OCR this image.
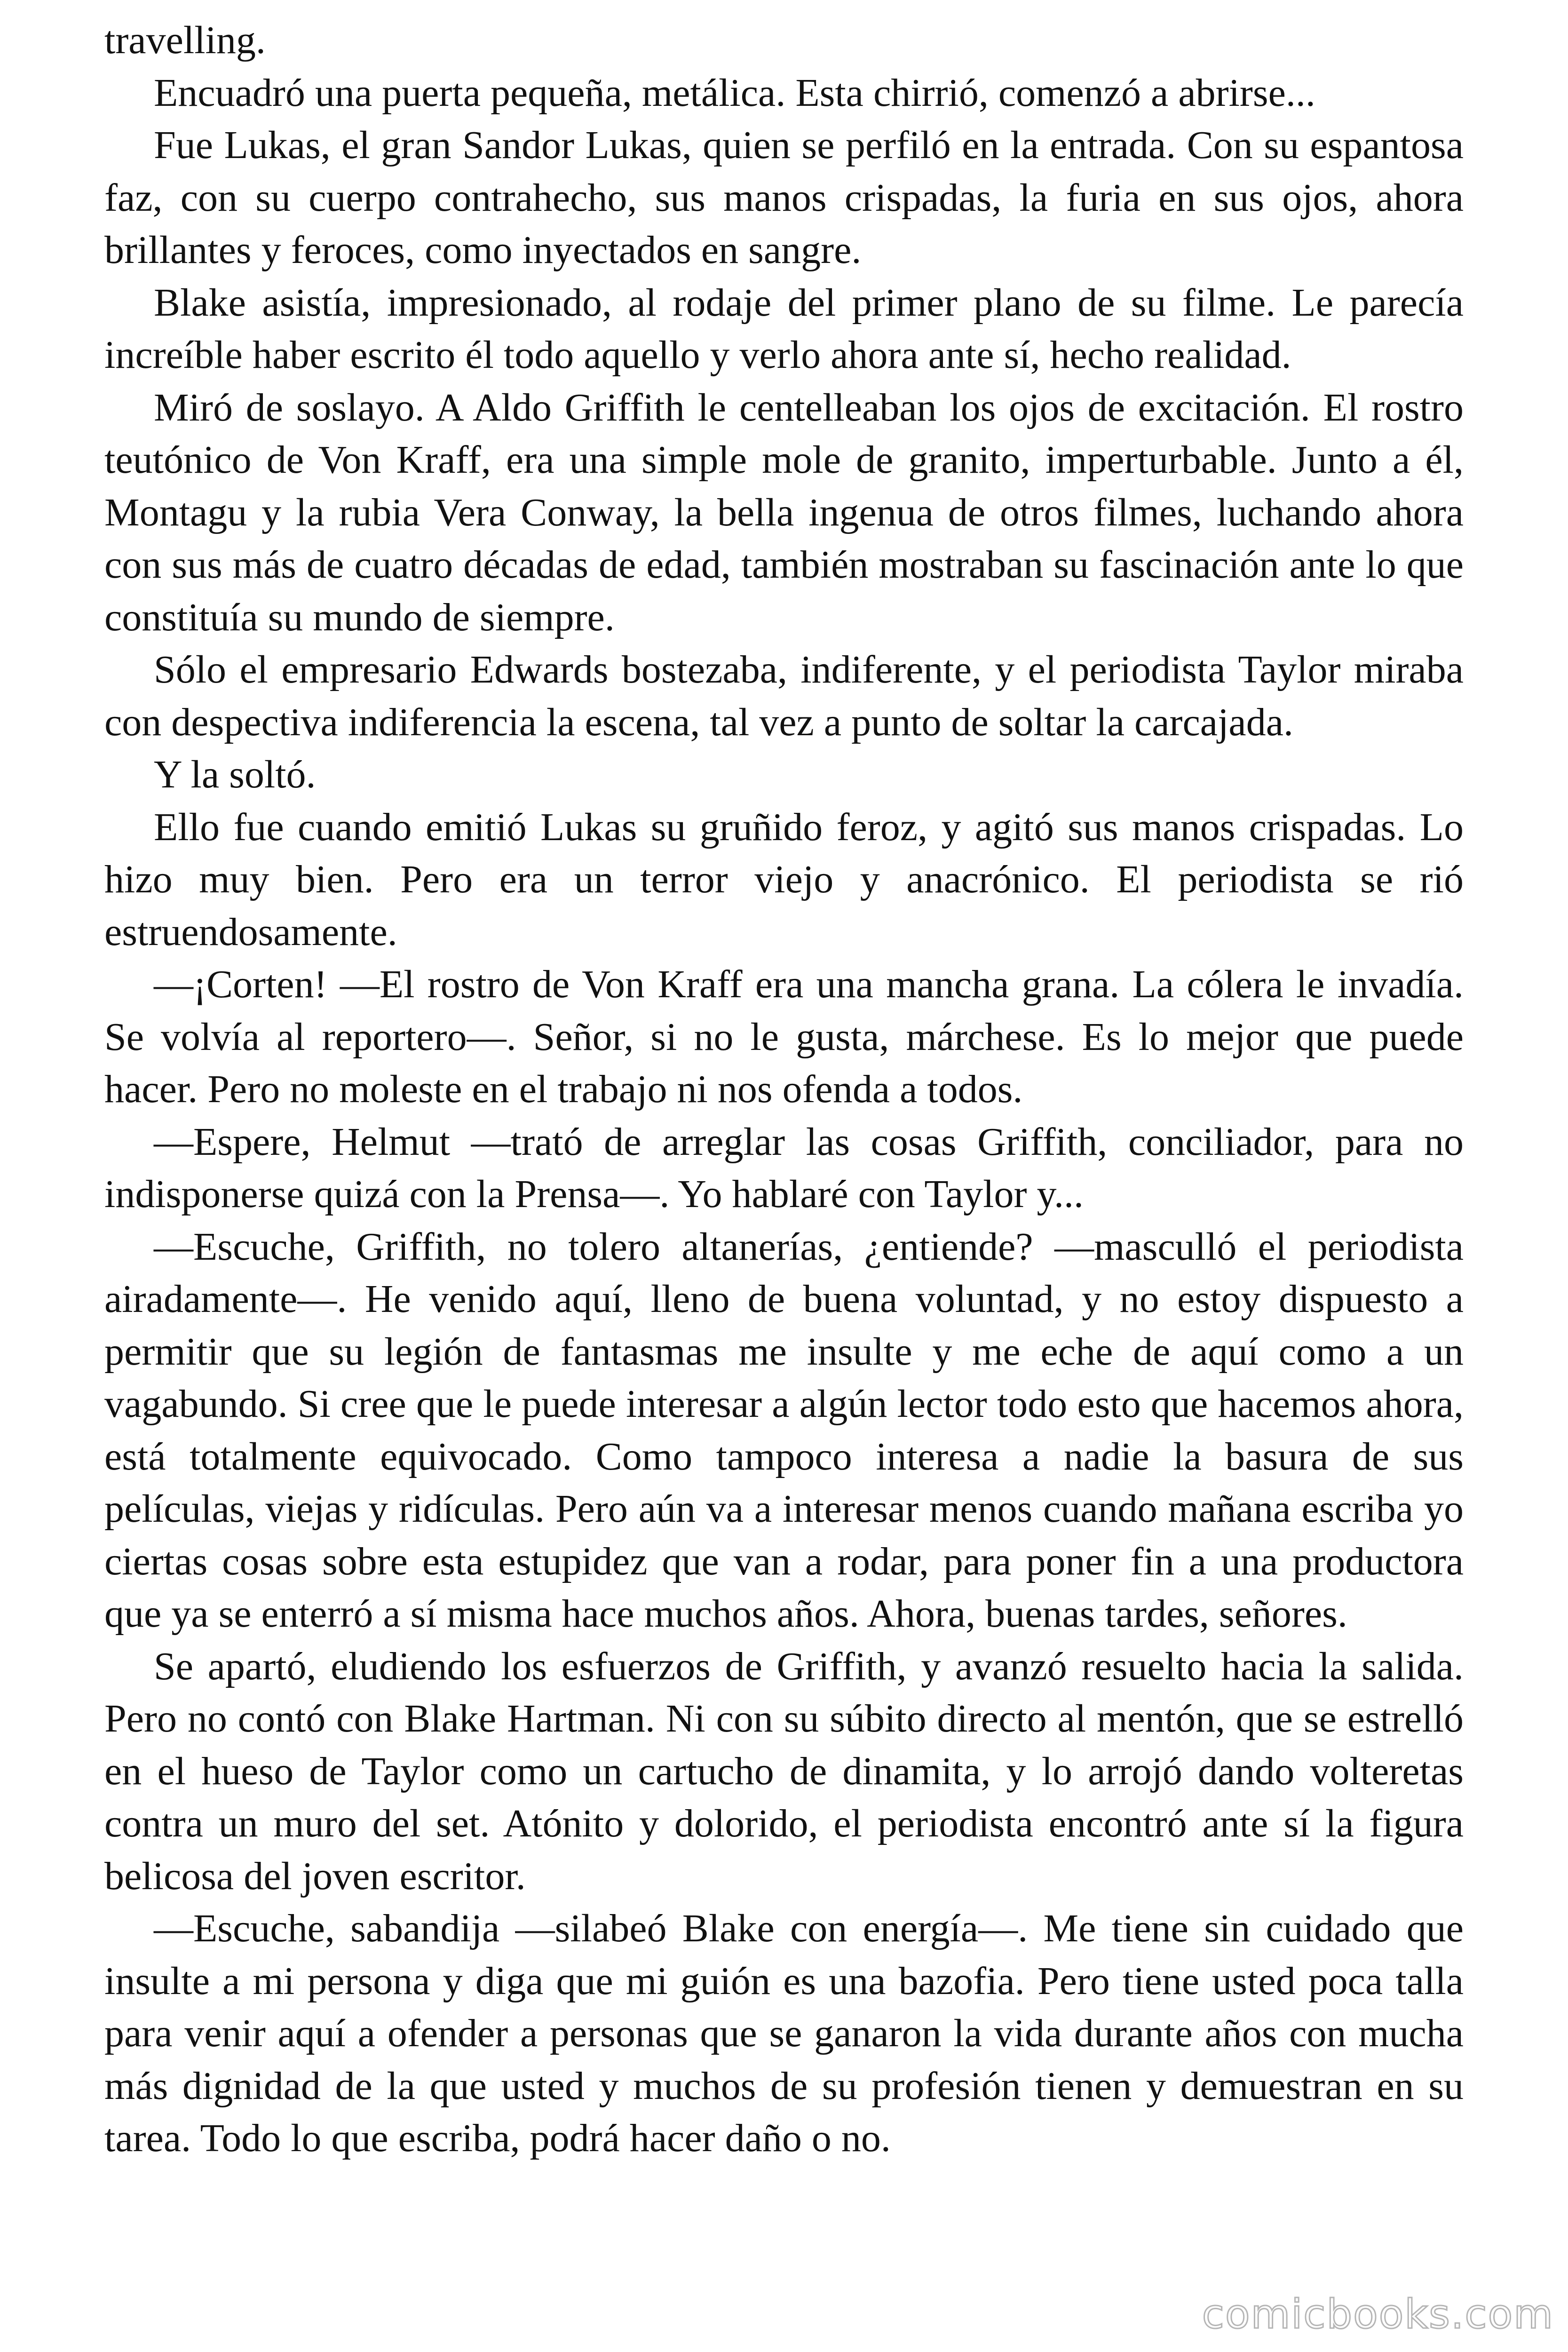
travelling.

Encuadró una puerta pequeña, metálica. Esta chirrió, comenzó a abrirse...

Fue Lukas, el gran Sandor Lukas, quien se perfiló en la entrada. Con su espantosa faz, con su cuerpo contrahecho, sus manos crispadas, la furia en sus ojos, ahora brillantes y feroces, como inyectados en sangre.

Blake asistía, impresionado, al rodaje del primer plano de su filme. Le parecía increíble haber escrito él todo aquello y verlo ahora ante sí, hecho realidad.

Miró de soslayo. A Aldo Griffith le centelleaban los ojos de excitación. El rostro teutónico de Von Kraff, era una simple mole de granito, imperturbable. Junto a él, Montagu y la rubia Vera Conway, la bella ingenua de otros filmes, luchando ahora con sus más de cuatro décadas de edad, también mostraban su fascinación ante lo que constituía su mundo de siempre.

Sólo el empresario Edwards bostezaba, indiferente, y el periodista Taylor miraba con despectiva indiferencia la escena, tal vez a punto de soltar la carcajada.

Y la soltó.

Ello fue cuando emitió Lukas su gruñido feroz, y agitó sus manos crispadas. Lo hizo muy bien. Pero era un terror viejo y anacrónico. El periodista se rió estruendosamente.

—¡Corten! —El rostro de Von Kraff era una mancha grana. La cólera le invadía. Se volvía al reportero—. Señor, si no le gusta, márchese. Es lo mejor que puede hacer. Pero no moleste en el trabajo ni nos ofenda a todos.

—Espere, Helmut —trató de arreglar las cosas Griffith, conciliador, para no indisponerse quizá con la Prensa—. Yo hablaré con Taylor y...

—Escuche, Griffith, no tolero altanerías, ¿entiende? —masculló el periodista airadamente—. He venido aquí, lleno de buena voluntad, y no estoy dispuesto a permitir que su legión de fantasmas me insulte y me eche de aquí como a un vagabundo. Si cree que le puede interesar a algún lector todo esto que hacemos ahora, está totalmente equivocado. Como tampoco interesa a nadie la basura de sus películas, viejas y ridículas. Pero aún va a interesar menos cuando mañana escriba yo ciertas cosas sobre esta estupidez que van a rodar, para poner fin a una productora que ya se enterró a sí misma hace muchos años. Ahora, buenas tardes, señores.

Se apartó, eludiendo los esfuerzos de Griffith, y avanzó resuelto hacia la salida. Pero no contó con Blake Hartman. Ni con su súbito directo al mentón, que se estrelló en el hueso de Taylor como un cartucho de dinamita, y lo arrojó dando volteretas contra un muro del set. Atónito y dolorido, el periodista encontró ante sí la figura belicosa del joven escritor.

—Escuche, sabandija —silabeó Blake con energía—. Me tiene sin cuidado que insulte a mi persona y diga que mi guión es una bazofia. Pero tiene usted poca talla para venir aquí a ofender a personas que se ganaron la vida durante años con mucha más dignidad de la que usted y muchos de su profesión tienen y demuestran en su tarea. Todo lo que escriba, podrá hacer daño o no.

comicbooks.com
